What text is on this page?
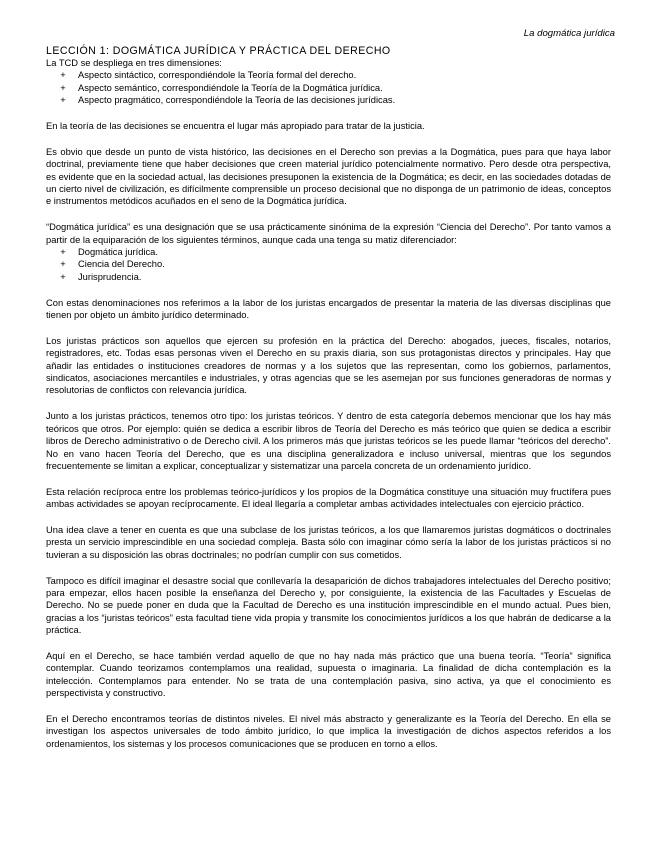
La dogmática jurídica
LECCIÓN 1: DOGMÁTICA JURÍDICA Y PRÁCTICA DEL DERECHO
La TCD se despliega en tres dimensiones:
+ Aspecto sintáctico, correspondiéndole la Teoría formal del derecho.
+ Aspecto semántico, correspondiéndole la Teoría de la Dogmática jurídica.
+ Aspecto pragmático, correspondiéndole la Teoría de las decisiones jurídicas.

En la teoría de las decisiones se encuentra el lugar más apropiado para tratar de la justicia.

Es obvio que desde un punto de vista histórico, las decisiones en el Derecho son previas a la Dogmática, pues para que haya labor doctrinal, previamente tiene que haber decisiones que creen material jurídico potencialmente normativo. Pero desde otra perspectiva, es evidente que en la sociedad actual, las decisiones presuponen la existencia de la Dogmática; es decir, en las sociedades dotadas de un cierto nivel de civilización, es difícilmente comprensible un proceso decisional que no disponga de un patrimonio de ideas, conceptos e instrumentos metódicos acuñados en el seno de la Dogmática jurídica.

“Dogmática jurídica” es una designación que se usa prácticamente sinónima de la expresión “Ciencia del Derecho”. Por tanto vamos a partir de la equiparación de los siguientes términos, aunque cada una tenga su matiz diferenciador:

+ Dogmática jurídica.
+ Ciencia del Derecho.
+ Jurisprudencia.

Con estas denominaciones nos referimos a la labor de los juristas encargados de presentar la materia de las diversas disciplinas que tienen por objeto un ámbito jurídico determinado.

Los juristas prácticos son aquellos que ejercen su profesión en la práctica del Derecho: abogados, jueces, fiscales, notarios, registradores, etc. Todas esas personas viven el Derecho en su praxis diaria, son sus protagonistas directos y principales. Hay que añadir las entidades o instituciones creadores de normas y a los sujetos que las representan, como los gobiernos, parlamentos, sindicatos, asociaciones mercantiles e industriales, y otras agencias que se les asemejan por sus funciones generadoras de normas y resolutorias de conflictos con relevancia jurídica.

Junto a los juristas prácticos, tenemos otro tipo: los juristas teóricos. Y dentro de esta categoría debemos mencionar que los hay más teóricos que otros. Por ejemplo: quién se dedica a escribir libros de Teoría del Derecho es más teórico que quien se dedica a escribir libros de Derecho administrativo o de Derecho civil. A los primeros más que juristas teóricos se les puede llamar “teóricos del derecho”. No en vano hacen Teoría del Derecho, que es una disciplina generalizadora e incluso universal, mientras que los segundos frecuentemente se limitan a explicar, conceptualizar y sistematizar una parcela concreta de un ordenamiento jurídico.

Esta relación recíproca entre los problemas teórico-jurídicos y los propios de la Dogmática constituye una situación muy fructífera pues ambas actividades se apoyan recíprocamente. El ideal llegaría a completar ambas actividades intelectuales con ejercicio práctico.

Una idea clave a tener en cuenta es que una subclase de los juristas teóricos, a los que llamaremos juristas dogmáticos o doctrinales presta un servicio imprescindible en una sociedad compleja. Basta sólo con imaginar cómo sería la labor de los juristas prácticos si no tuvieran a su disposición las obras doctrinales; no podrían cumplir con sus cometidos.

Tampoco es difícil imaginar el desastre social que conllevaría la desaparición de dichos trabajadores intelectuales del Derecho positivo; para empezar, ellos hacen posible la enseñanza del Derecho y, por consiguiente, la existencia de las Facultades y Escuelas de Derecho. No se puede poner en duda que la Facultad de Derecho es una institución imprescindible en el mundo actual. Pues bien, gracias a los “juristas teóricos” esta facultad tiene vida propia y transmite los conocimientos jurídicos a los que habrán de dedicarse a la práctica.

Aquí en el Derecho, se hace también verdad aquello de que no hay nada más práctico que una buena teoría. “Teoría” significa contemplar. Cuando teorizamos contemplamos una realidad, supuesta o imaginaria. La finalidad de dicha contemplación es la intelección. Contemplamos para entender. No se trata de una contemplación pasiva, sino activa, ya que el conocimiento es perspectivista y constructivo.

En el Derecho encontramos teorías de distintos niveles. El nivel más abstracto y generalizante es la Teoría del Derecho. En ella se investigan los aspectos universales de todo ámbito jurídico, lo que implica la investigación de dichos aspectos referidos a los ordenamientos, los sistemas y los procesos comunicaciones que se producen en torno a ellos.
